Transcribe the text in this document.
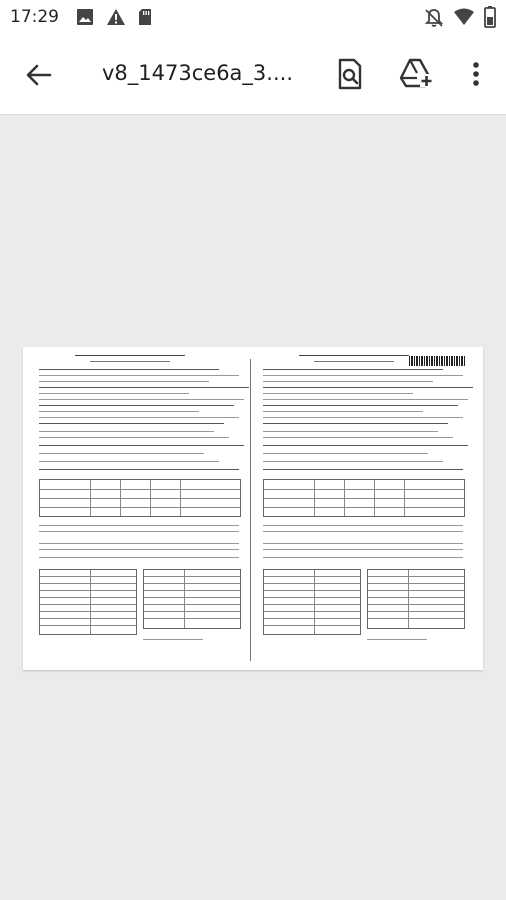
17:29
v8_1473ce6a_3....
